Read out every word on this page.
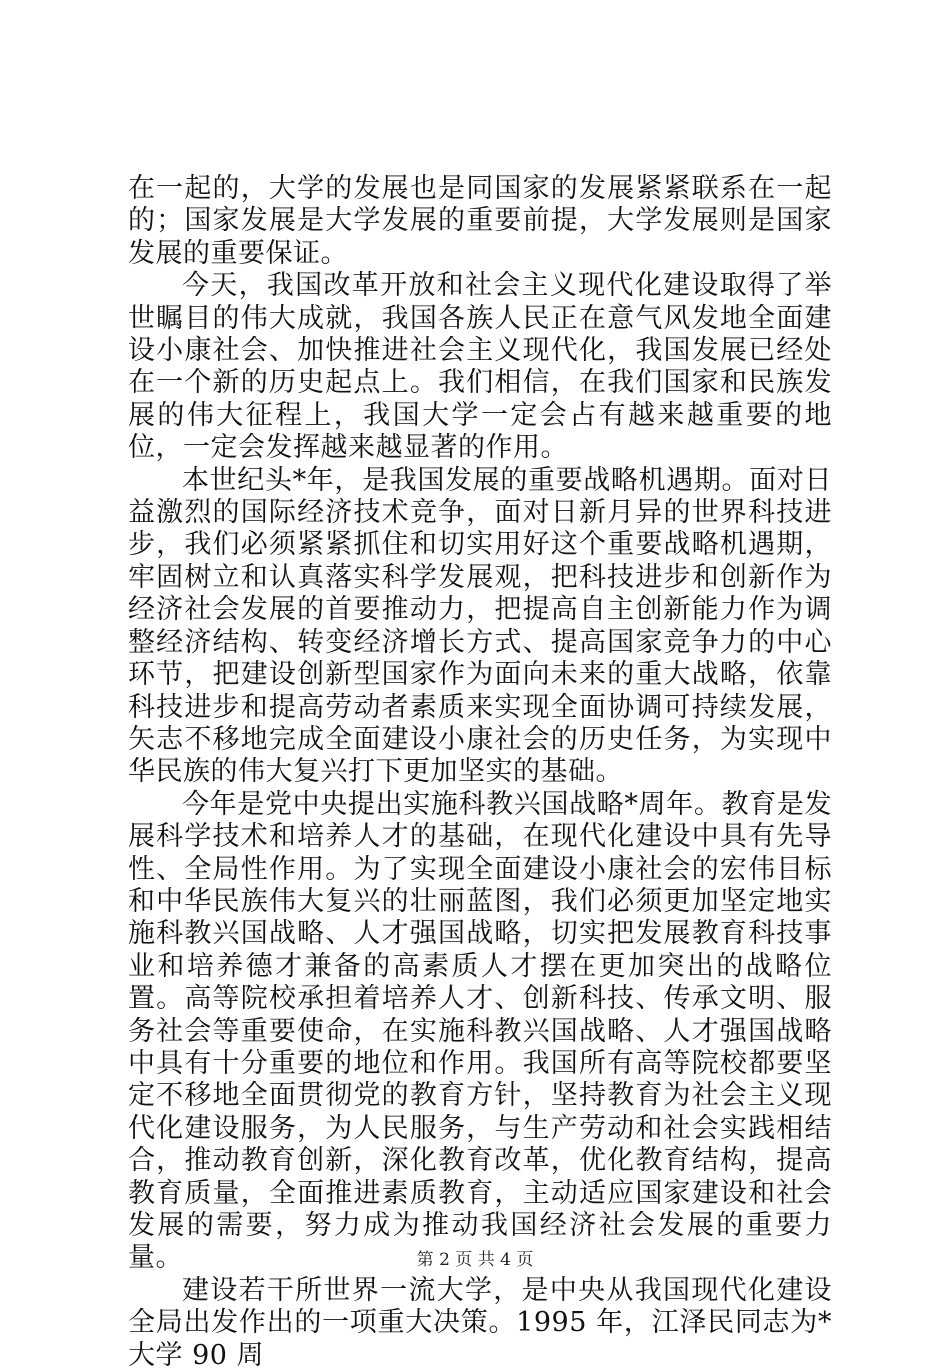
在一起的，大学的发展也是同国家的发展紧紧联系在一起的；国家发展是大学发展的重要前提，大学发展则是国家发展的重要保证。

今天，我国改革开放和社会主义现代化建设取得了举世瞩目的伟大成就，我国各族人民正在意气风发地全面建设小康社会、加快推进社会主义现代化，我国发展已经处在一个新的历史起点上。我们相信，在我们国家和民族发展的伟大征程上，我国大学一定会占有越来越重要的地位，一定会发挥越来越显著的作用。

本世纪头*年，是我国发展的重要战略机遇期。面对日益激烈的国际经济技术竞争，面对日新月异的世界科技进步，我们必须紧紧抓住和切实用好这个重要战略机遇期，牢固树立和认真落实科学发展观，把科技进步和创新作为经济社会发展的首要推动力，把提高自主创新能力作为调整经济结构、转变经济增长方式、提高国家竞争力的中心环节，把建设创新型国家作为面向未来的重大战略，依靠科技进步和提高劳动者素质来实现全面协调可持续发展，矢志不移地完成全面建设小康社会的历史任务，为实现中华民族的伟大复兴打下更加坚实的基础。

今年是党中央提出实施科教兴国战略*周年。教育是发展科学技术和培养人才的基础，在现代化建设中具有先导性、全局性作用。为了实现全面建设小康社会的宏伟目标和中华民族伟大复兴的壮丽蓝图，我们必须更加坚定地实施科教兴国战略、人才强国战略，切实把发展教育科技事业和培养德才兼备的高素质人才摆在更加突出的战略位置。高等院校承担着培养人才、创新科技、传承文明、服务社会等重要使命，在实施科教兴国战略、人才强国战略中具有十分重要的地位和作用。我国所有高等院校都要坚定不移地全面贯彻党的教育方针，坚持教育为社会主义现代化建设服务，为人民服务，与生产劳动和社会实践相结合，推动教育创新，深化教育改革，优化教育结构，提高教育质量，全面推进素质教育，主动适应国家建设和社会发展的需要，努力成为推动我国经济社会发展的重要力量。

建设若干所世界一流大学，是中央从我国现代化建设全局出发作出的一项重大决策。1995 年，江泽民同志为*大学 90 周

第 2 页 共 4 页
